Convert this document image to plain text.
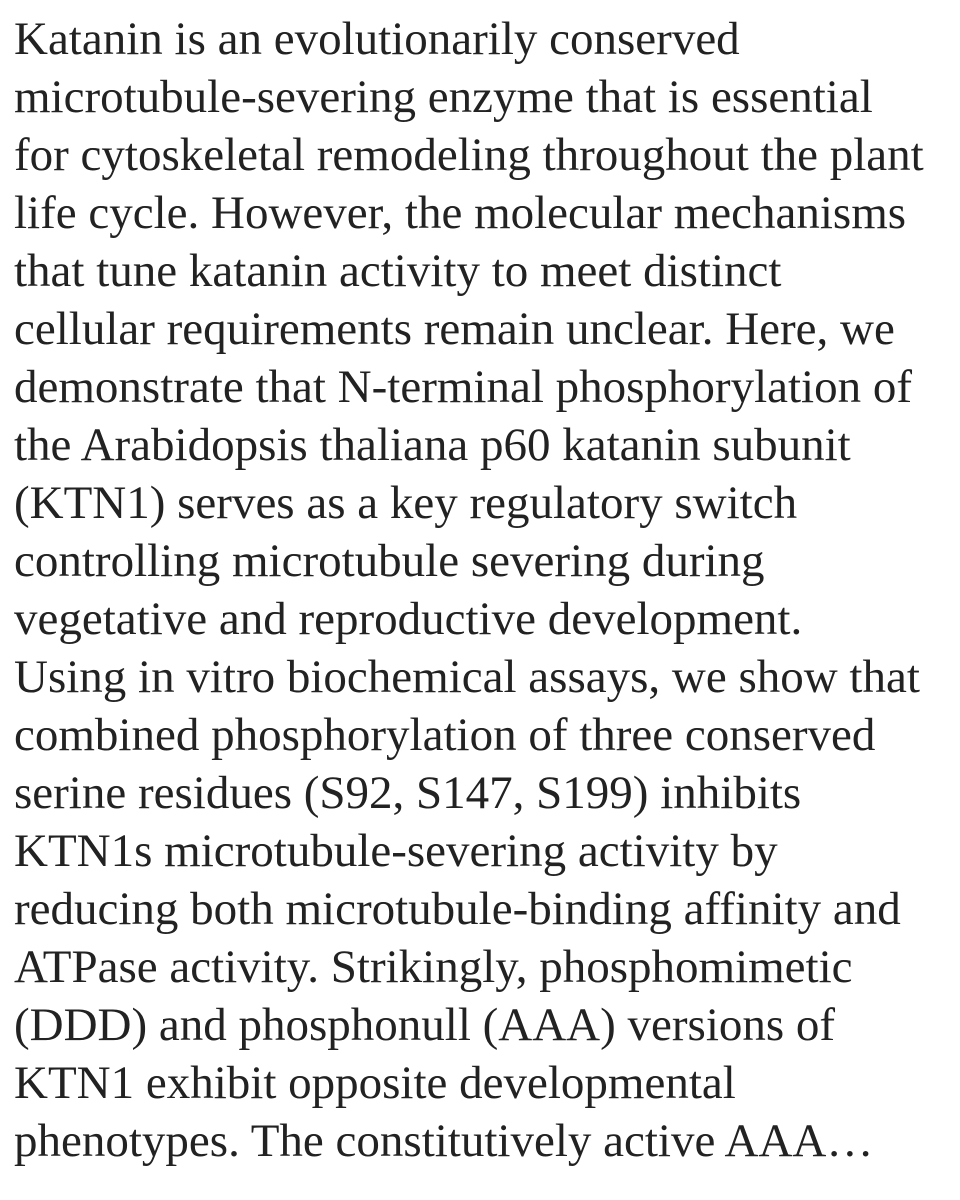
Katanin is an evolutionarily conserved
microtubule-severing enzyme that is essential
for cytoskeletal remodeling throughout the plant
life cycle. However, the molecular mechanisms
that tune katanin activity to meet distinct
cellular requirements remain unclear. Here, we
demonstrate that N-terminal phosphorylation of
the Arabidopsis thaliana p60 katanin subunit
(KTN1) serves as a key regulatory switch
controlling microtubule severing during
vegetative and reproductive development.
Using in vitro biochemical assays, we show that
combined phosphorylation of three conserved
serine residues (S92, S147, S199) inhibits
KTN1s microtubule-severing activity by
reducing both microtubule-binding affinity and
ATPase activity. Strikingly, phosphomimetic
(DDD) and phosphonull (AAA) versions of
KTN1 exhibit opposite developmental
phenotypes. The constitutively active AAA…
